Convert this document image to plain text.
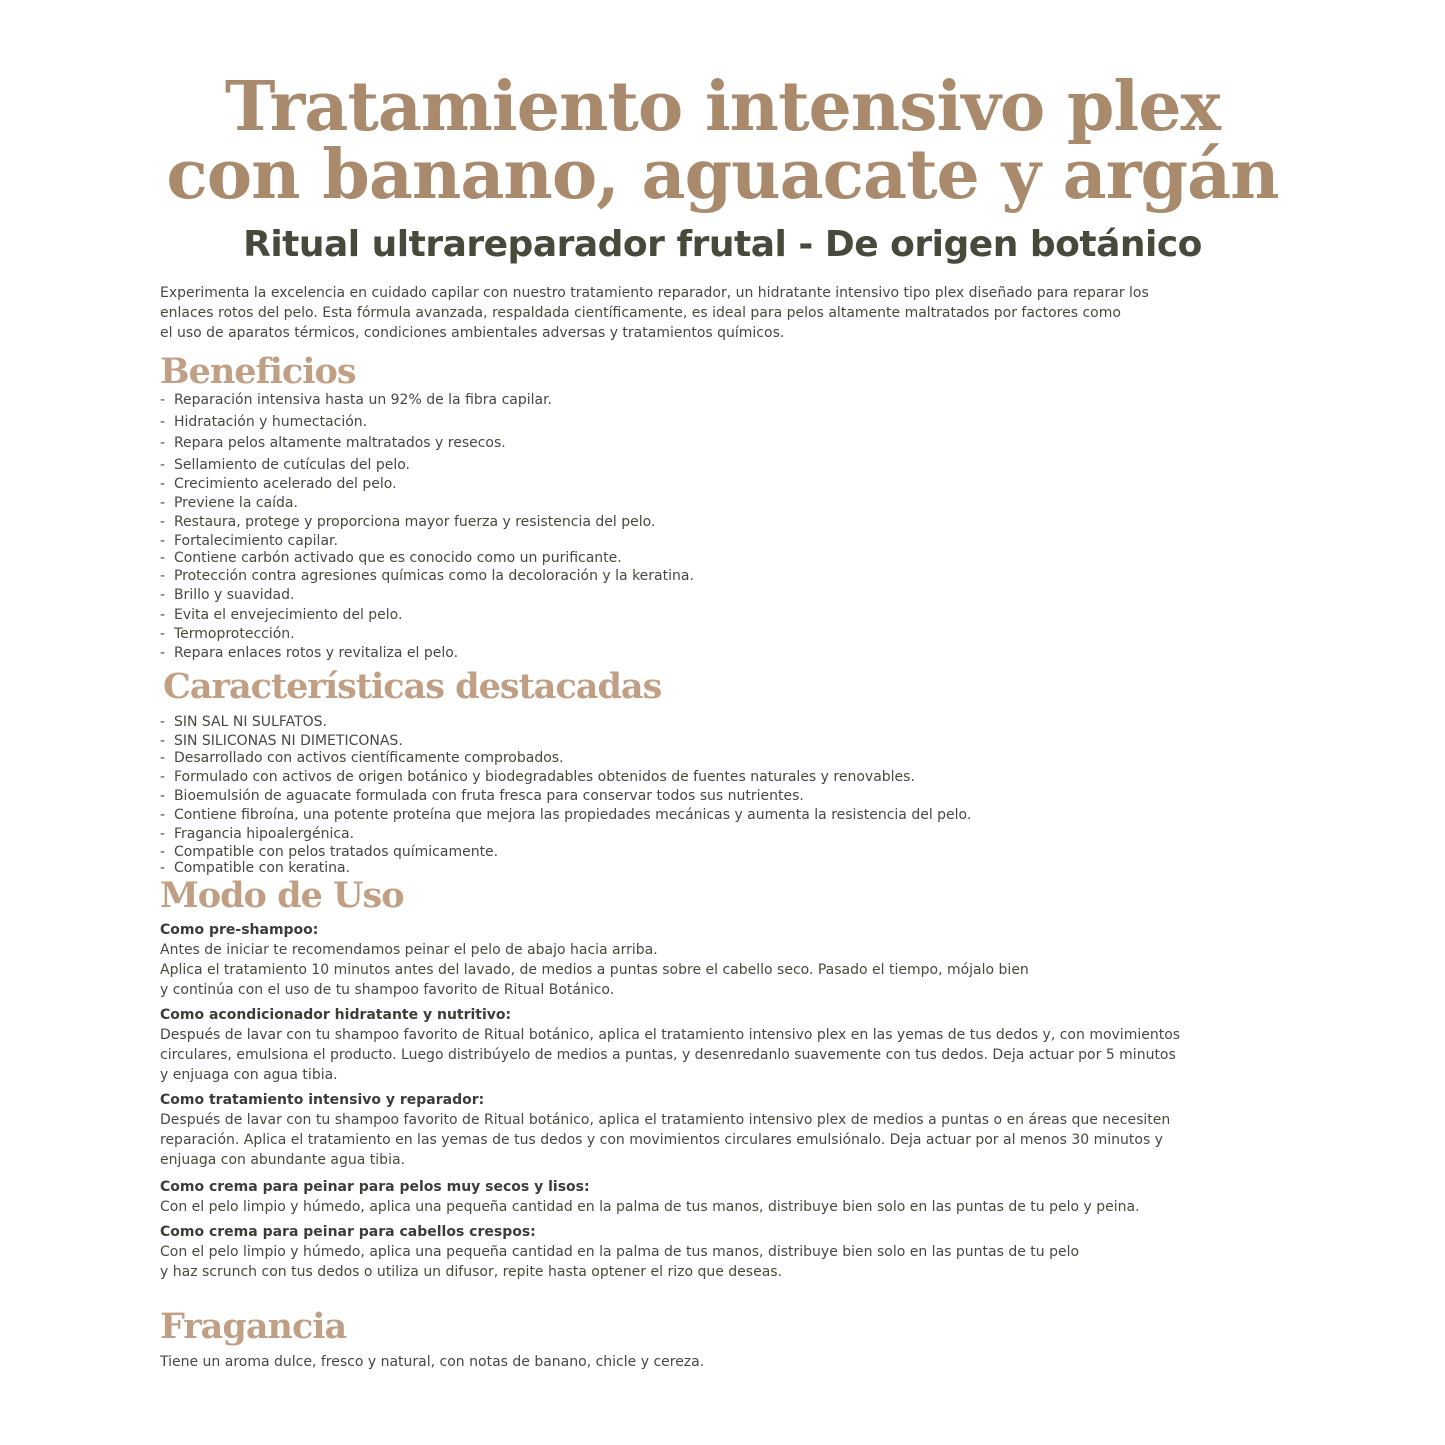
Tratamiento intensivo plex
con banano, aguacate y argán
Ritual ultrareparador frutal - De origen botánico

Experimenta la excelencia en cuidado capilar con nuestro tratamiento reparador, un hidratante intensivo tipo plex diseñado para reparar los
enlaces rotos del pelo. Esta fórmula avanzada, respaldada científicamente, es ideal para pelos altamente maltratados por factores como
el uso de aparatos térmicos, condiciones ambientales adversas y tratamientos químicos.

Beneficios
- Reparación intensiva hasta un 92% de la fibra capilar.
- Hidratación y humectación.
- Repara pelos altamente maltratados y resecos.
- Sellamiento de cutículas del pelo.
- Crecimiento acelerado del pelo.
- Previene la caída.
- Restaura, protege y proporciona mayor fuerza y resistencia del pelo.
- Fortalecimiento capilar.
- Contiene carbón activado que es conocido como un purificante.
- Protección contra agresiones químicas como la decoloración y la keratina.
- Brillo y suavidad.
- Evita el envejecimiento del pelo.
- Termoprotección.
- Repara enlaces rotos y revitaliza el pelo.
Características destacadas
- SIN SAL NI SULFATOS.
- SIN SILICONAS NI DIMETICONAS.
- Desarrollado con activos científicamente comprobados.
- Formulado con activos de origen botánico y biodegradables obtenidos de fuentes naturales y renovables.
- Bioemulsión de aguacate formulada con fruta fresca para conservar todos sus nutrientes.
- Contiene fibroína, una potente proteína que mejora las propiedades mecánicas y aumenta la resistencia del pelo.
- Fragancia hipoalergénica.
- Compatible con pelos tratados químicamente.
- Compatible con keratina.
Modo de Uso
Como pre-shampoo:
Antes de iniciar te recomendamos peinar el pelo de abajo hacia arriba.
Aplica el tratamiento 10 minutos antes del lavado, de medios a puntas sobre el cabello seco. Pasado el tiempo, mójalo bien
y continúa con el uso de tu shampoo favorito de Ritual Botánico.
Como acondicionador hidratante y nutritivo:
Después de lavar con tu shampoo favorito de Ritual botánico, aplica el tratamiento intensivo plex en las yemas de tus dedos y, con movimientos
circulares, emulsiona el producto. Luego distribúyelo de medios a puntas, y desenredanlo suavemente con tus dedos. Deja actuar por 5 minutos
y enjuaga con agua tibia.
Como tratamiento intensivo y reparador:
Después de lavar con tu shampoo favorito de Ritual botánico, aplica el tratamiento intensivo plex de medios a puntas o en áreas que necesiten
reparación. Aplica el tratamiento en las yemas de tus dedos y con movimientos circulares emulsiónalo. Deja actuar por al menos 30 minutos y
enjuaga con abundante agua tibia.
Como crema para peinar para pelos muy secos y lisos:
Con el pelo limpio y húmedo, aplica una pequeña cantidad en la palma de tus manos, distribuye bien solo en las puntas de tu pelo y peina.
Como crema para peinar para cabellos crespos:
Con el pelo limpio y húmedo, aplica una pequeña cantidad en la palma de tus manos, distribuye bien solo en las puntas de tu pelo
y haz scrunch con tus dedos o utiliza un difusor, repite hasta optener el rizo que deseas.
Fragancia

Tiene un aroma dulce, fresco y natural, con notas de banano, chicle y cereza.
